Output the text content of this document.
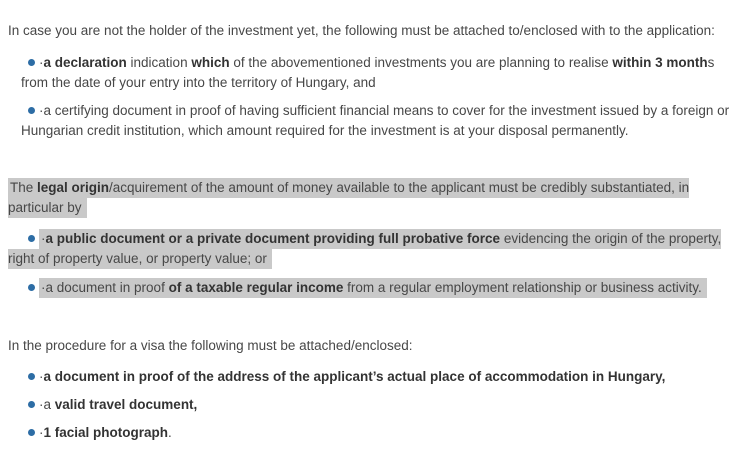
In case you are not the holder of the investment yet, the following must be attached to/enclosed with to the application:

·a declaration indication which of the abovementioned investments you are planning to realise within 3 months
from the date of your entry into the territory of Hungary, and

·a certifying document in proof of having sufficient financial means to cover for the investment issued by a foreign or
Hungarian credit institution, which amount required for the investment is at your disposal permanently.

The legal origin/acquirement of the amount of money available to the applicant must be credibly substantiated, in
particular by

·a public document or a private document providing full probative force evidencing the origin of the property,
right of property value, or property value; or

·a document in proof of a taxable regular income from a regular employment relationship or business activity.

In the procedure for a visa the following must be attached/enclosed:

·a document in proof of the address of the applicant’s actual place of accommodation in Hungary,

·a valid travel document,

·1 facial photograph.
